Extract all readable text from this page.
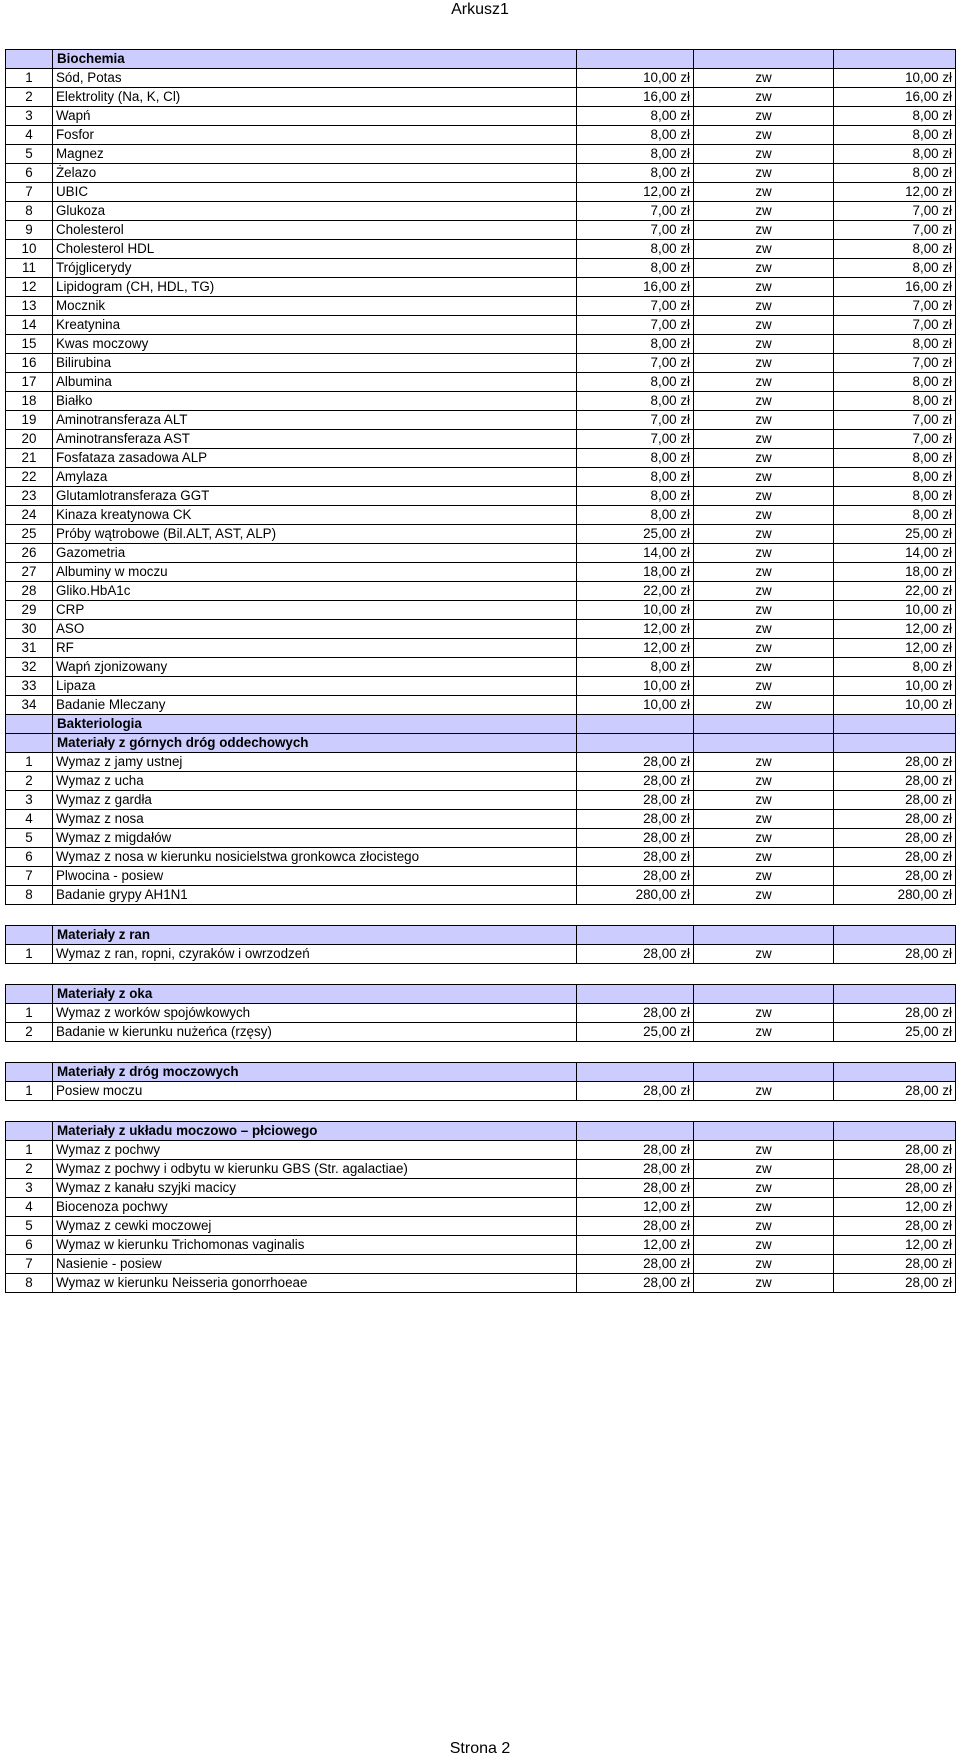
Arkusz1
	Biochemia			
1	Sód, Potas	10,00 zł	zw	10,00 zł
2	Elektrolity (Na, K, Cl)	16,00 zł	zw	16,00 zł
3	Wapń	8,00 zł	zw	8,00 zł
4	Fosfor	8,00 zł	zw	8,00 zł
5	Magnez	8,00 zł	zw	8,00 zł
6	Żelazo	8,00 zł	zw	8,00 zł
7	UBIC	12,00 zł	zw	12,00 zł
8	Glukoza	7,00 zł	zw	7,00 zł
9	Cholesterol	7,00 zł	zw	7,00 zł
10	Cholesterol HDL	8,00 zł	zw	8,00 zł
11	Trójglicerydy	8,00 zł	zw	8,00 zł
12	Lipidogram (CH, HDL, TG)	16,00 zł	zw	16,00 zł
13	Mocznik	7,00 zł	zw	7,00 zł
14	Kreatynina	7,00 zł	zw	7,00 zł
15	Kwas moczowy	8,00 zł	zw	8,00 zł
16	Bilirubina	7,00 zł	zw	7,00 zł
17	Albumina	8,00 zł	zw	8,00 zł
18	Białko	8,00 zł	zw	8,00 zł
19	Aminotransferaza ALT	7,00 zł	zw	7,00 zł
20	Aminotransferaza AST	7,00 zł	zw	7,00 zł
21	Fosfataza zasadowa ALP	8,00 zł	zw	8,00 zł
22	Amylaza	8,00 zł	zw	8,00 zł
23	Glutamlotransferaza GGT	8,00 zł	zw	8,00 zł
24	Kinaza kreatynowa CK	8,00 zł	zw	8,00 zł
25	Próby wątrobowe (Bil.ALT, AST, ALP)	25,00 zł	zw	25,00 zł
26	Gazometria	14,00 zł	zw	14,00 zł
27	Albuminy w moczu	18,00 zł	zw	18,00 zł
28	Gliko.HbA1c	22,00 zł	zw	22,00 zł
29	CRP	10,00 zł	zw	10,00 zł
30	ASO	12,00 zł	zw	12,00 zł
31	RF	12,00 zł	zw	12,00 zł
32	Wapń zjonizowany	8,00 zł	zw	8,00 zł
33	Lipaza	10,00 zł	zw	10,00 zł
34	Badanie Mleczany	10,00 zł	zw	10,00 zł
	Bakteriologia			
	Materiały z górnych dróg oddechowych			
1	Wymaz z jamy ustnej	28,00 zł	zw	28,00 zł
2	Wymaz z ucha	28,00 zł	zw	28,00 zł
3	Wymaz z gardła	28,00 zł	zw	28,00 zł
4	Wymaz z nosa	28,00 zł	zw	28,00 zł
5	Wymaz z migdałów	28,00 zł	zw	28,00 zł
6	Wymaz z nosa w kierunku nosicielstwa gronkowca złocistego	28,00 zł	zw	28,00 zł
7	Plwocina - posiew	28,00 zł	zw	28,00 zł
8	Badanie grypy AH1N1	280,00 zł	zw	280,00 zł

	Materiały z ran			
1	Wymaz z ran, ropni, czyraków i owrzodzeń	28,00 zł	zw	28,00 zł

	Materiały z oka			
1	Wymaz z worków spojówkowych	28,00 zł	zw	28,00 zł
2	Badanie w kierunku nużeńca (rzęsy)	25,00 zł	zw	25,00 zł

	Materiały z dróg moczowych			
1	Posiew moczu	28,00 zł	zw	28,00 zł

	Materiały z układu moczowo – płciowego			
1	Wymaz z pochwy	28,00 zł	zw	28,00 zł
2	Wymaz z pochwy i odbytu w kierunku GBS (Str. agalactiae)	28,00 zł	zw	28,00 zł
3	Wymaz z kanału szyjki macicy	28,00 zł	zw	28,00 zł
4	Biocenoza pochwy	12,00 zł	zw	12,00 zł
5	Wymaz z cewki moczowej	28,00 zł	zw	28,00 zł
6	Wymaz w kierunku Trichomonas vaginalis	12,00 zł	zw	12,00 zł
7	Nasienie - posiew	28,00 zł	zw	28,00 zł
8	Wymaz w kierunku Neisseria gonorrhoeae	28,00 zł	zw	28,00 zł
Strona 2
